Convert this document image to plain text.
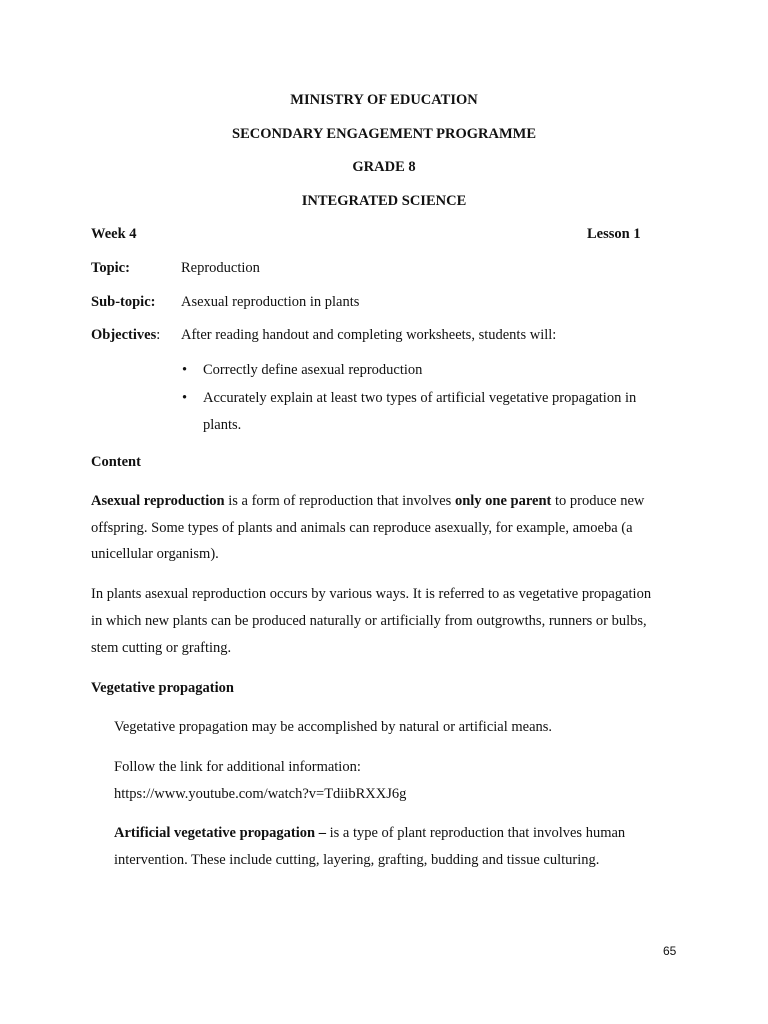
MINISTRY OF EDUCATION
SECONDARY ENGAGEMENT PROGRAMME
GRADE 8
INTEGRATED SCIENCE
Week 4	Lesson 1
Topic:	Reproduction
Sub-topic: Asexual reproduction in plants
Objectives: After reading handout and completing worksheets, students will:
• Correctly define asexual reproduction
• Accurately explain at least two types of artificial vegetative propagation in
plants.
Content
Asexual reproduction is a form of reproduction that involves only one parent to produce new
offspring. Some types of plants and animals can reproduce asexually, for example, amoeba (a
unicellular organism).
In plants asexual reproduction occurs by various ways. It is referred to as vegetative propagation
in which new plants can be produced naturally or artificially from outgrowths, runners or bulbs,
stem cutting or grafting.
Vegetative propagation
Vegetative propagation may be accomplished by natural or artificial means.
Follow the link for additional information:
https://www.youtube.com/watch?v=TdiibRXXJ6g
Artificial vegetative propagation – is a type of plant reproduction that involves human
intervention. These include cutting, layering, grafting, budding and tissue culturing.
65
